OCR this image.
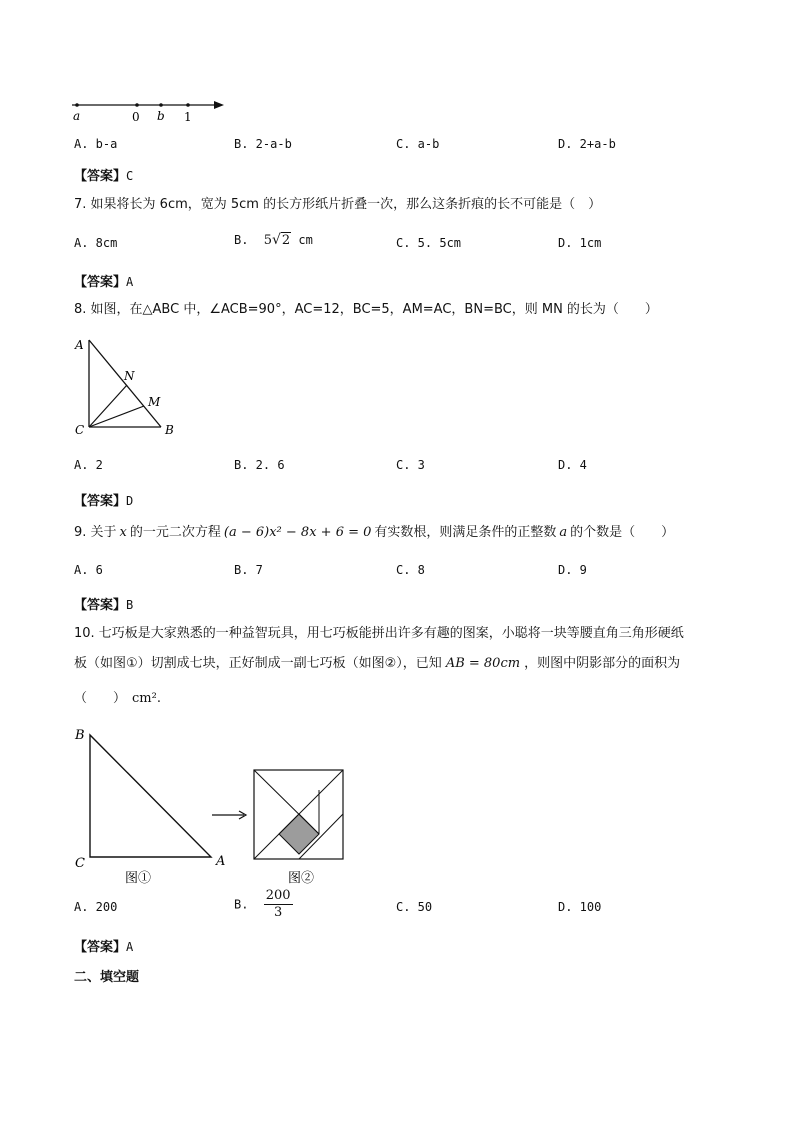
a	0 b 1
A. b-a	B. 2-a-b	C. a-b	D. 2+a-b
【答案】C
7. 如果将长为 6cm，宽为 5cm 的长方形纸片折叠一次，那么这条折痕的长不可能是（　）
A. 8cm	B. 5√2 cm	C. 5. 5cm	D. 1cm
【答案】A
8. 如图，在△ABC 中，∠ACB=90°，AC=12，BC=5，AM=AC，BN=BC，则 MN 的长为（　　）
A
N
M
C	B
A. 2	B. 2. 6	C. 3	D. 4
【答案】D
9. 关于 x 的一元二次方程 (a − 6)x² − 8x + 6 = 0 有实数根，则满足条件的正整数 a 的个数是（　　）
A. 6	B. 7	C. 8	D. 9
【答案】B
10. 七巧板是大家熟悉的一种益智玩具，用七巧板能拼出许多有趣的图案，小聪将一块等腰直角三角形硬纸
板（如图①）切割成七块，正好制成一副七巧板（如图②），已知 AB = 80cm ，则图中阴影部分的面积为
（　　） cm².
B
C	A
图①	图②
A. 200	B. $\frac{200}{3}$	C. 50	D. 100
【答案】A
二、填空题
